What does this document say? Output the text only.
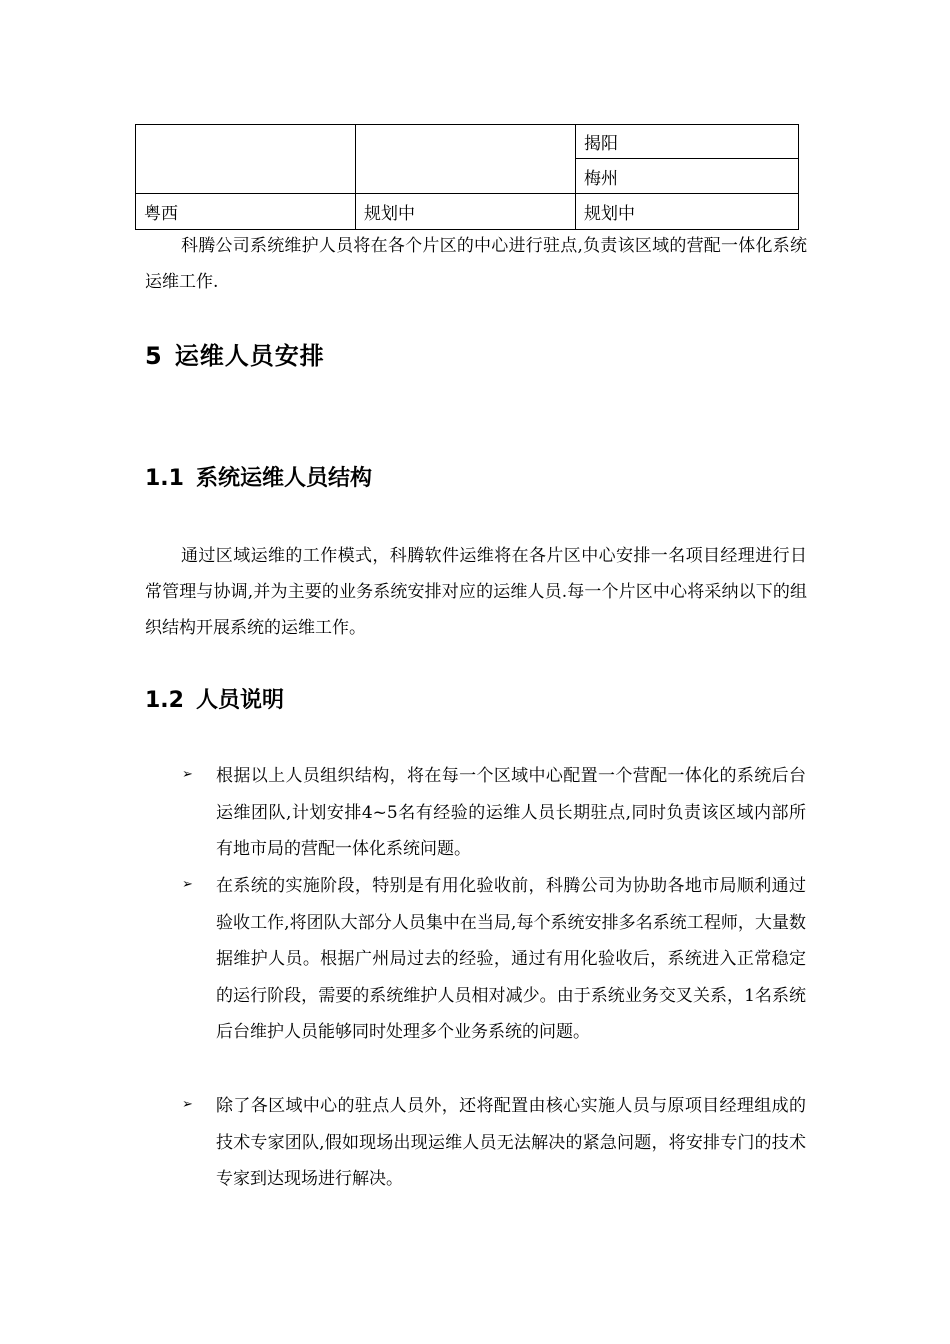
		揭阳
		梅州
粤西	规划中	规划中
科腾公司系统维护人员将在各个片区的中心进行驻点,负责该区域的营配一体化系统运维工作.
5 运维人员安排
1.1 系统运维人员结构
通过区域运维的工作模式，科腾软件运维将在各片区中心安排一名项目经理进行日常管理与协调,并为主要的业务系统安排对应的运维人员.每一个片区中心将采纳以下的组织结构开展系统的运维工作。
1.2 人员说明
➢ 根据以上人员组织结构，将在每一个区域中心配置一个营配一体化的系统后台运维团队,计划安排4~5名有经验的运维人员长期驻点,同时负责该区域内部所有地市局的营配一体化系统问题。
➢ 在系统的实施阶段，特别是有用化验收前，科腾公司为协助各地市局顺利通过验收工作,将团队大部分人员集中在当局,每个系统安排多名系统工程师，大量数据维护人员。根据广州局过去的经验，通过有用化验收后，系统进入正常稳定的运行阶段，需要的系统维护人员相对减少。由于系统业务交叉关系，1名系统后台维护人员能够同时处理多个业务系统的问题。
➢ 除了各区域中心的驻点人员外，还将配置由核心实施人员与原项目经理组成的技术专家团队,假如现场出现运维人员无法解决的紧急问题，将安排专门的技术专家到达现场进行解决。
